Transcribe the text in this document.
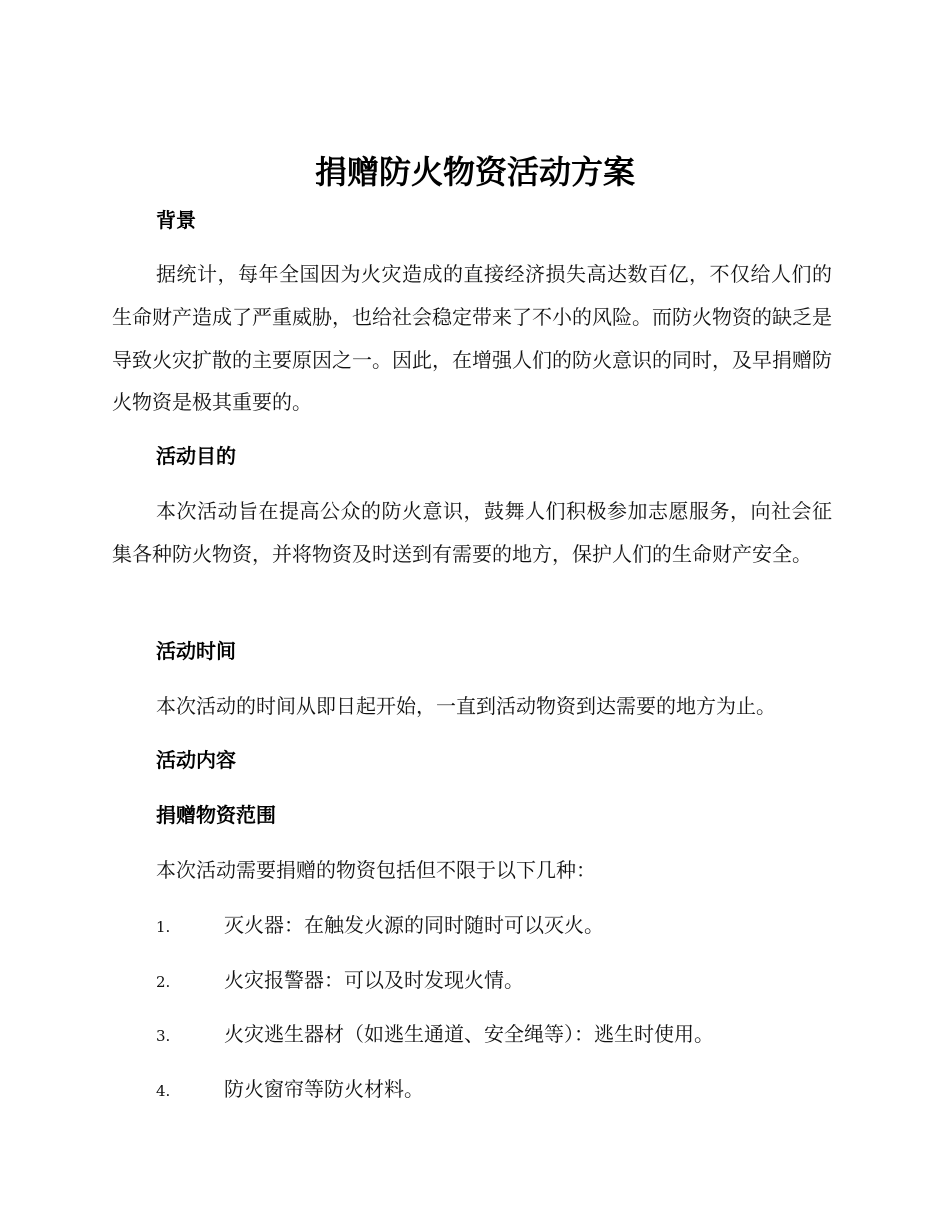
捐赠防火物资活动方案
背景

据统计，每年全国因为火灾造成的直接经济损失高达数百亿，不仅给人们的生命财产造成了严重威胁，也给社会稳定带来了不小的风险。而防火物资的缺乏是导致火灾扩散的主要原因之一。因此，在增强人们的防火意识的同时，及早捐赠防火物资是极其重要的。

活动目的

本次活动旨在提高公众的防火意识，鼓舞人们积极参加志愿服务，向社会征集各种防火物资，并将物资及时送到有需要的地方，保护人们的生命财产安全。

活动时间

本次活动的时间从即日起开始，一直到活动物资到达需要的地方为止。

活动内容
捐赠物资范围

本次活动需要捐赠的物资包括但不限于以下几种：

1.	灭火器：在触发火源的同时随时可以灭火。
2.	火灾报警器：可以及时发现火情。
3.	火灾逃生器材（如逃生通道、安全绳等）：逃生时使用。
4.	防火窗帘等防火材料。
